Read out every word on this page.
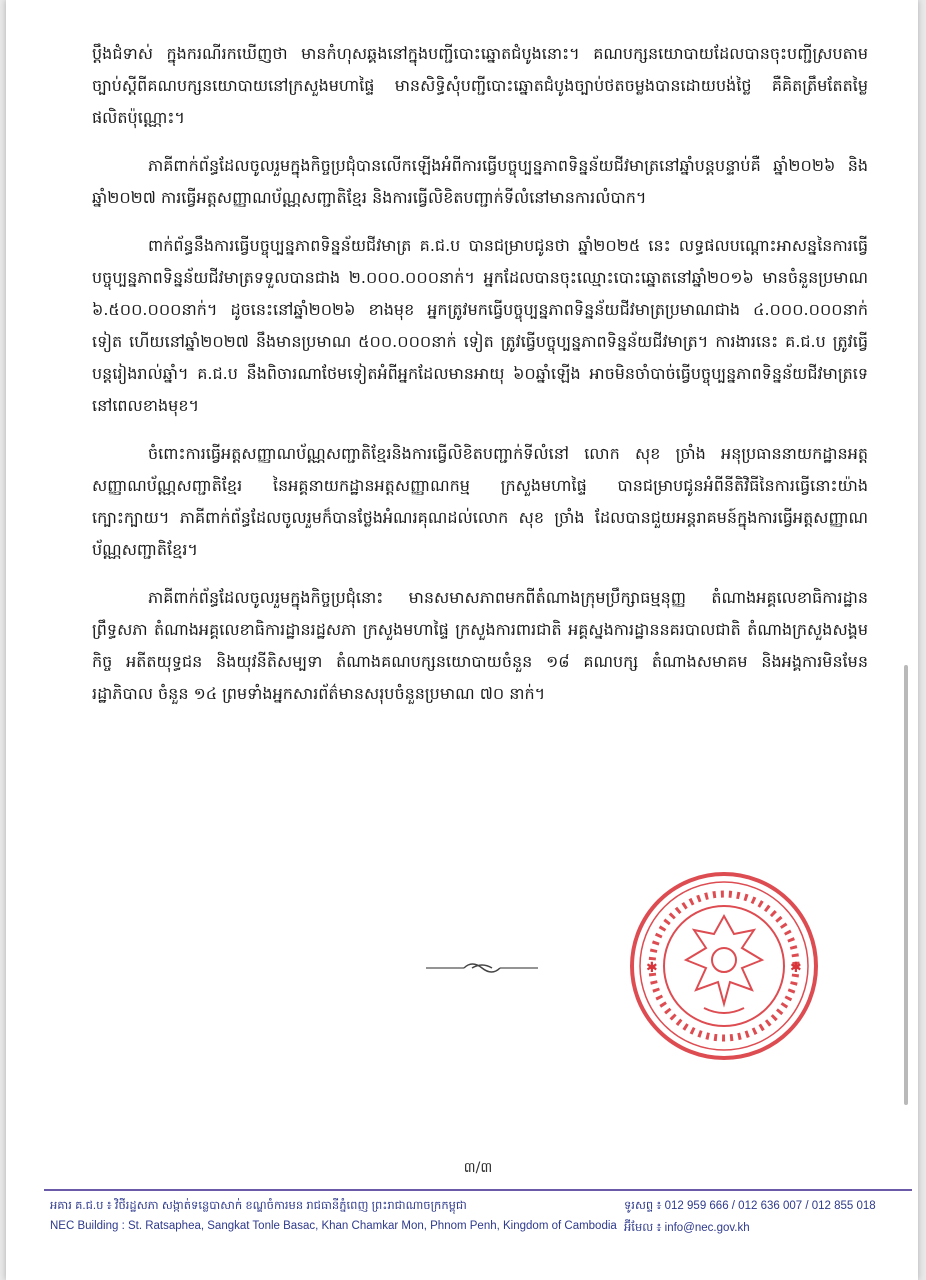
ប្តឹងជំទាស់ ក្នុងករណីរកឃើញថា មានកំហុសឆ្គងនៅក្នុងបញ្ជីបោះឆ្នោតជំបូងនោះ។ គណបក្សនយោបាយដែលបានចុះបញ្ជីស្របតាមច្បាប់ស្តីពីគណបក្សនយោបាយនៅក្រសួងមហាផ្ទៃ មានសិទ្ធិសុំបញ្ជីបោះឆ្នោតជំបូងច្បាប់ថតចម្លងបានដោយបង់ថ្លៃ គឺគិតត្រឹមតែតម្លៃផលិតប៉ុណ្ណោះ។

ភាគីពាក់ព័ន្ធដែលចូលរួមក្នុងកិច្ចប្រជុំបានលើកឡើងអំពីការធ្វើបច្ចុប្បន្នភាពទិន្នន័យជីវមាត្រនៅឆ្នាំបន្តបន្ទាប់គឺ ឆ្នាំ២០២៦ និងឆ្នាំ២០២៧ ការធ្វើអត្តសញ្ញាណប័ណ្ណសញ្ជាតិខ្មែរ និងការធ្វើលិខិតបញ្ជាក់ទីលំនៅមានការលំបាក។

ពាក់ព័ន្ធនឹងការធ្វើបច្ចុប្បន្នភាពទិន្នន័យជីវមាត្រ គ.ជ.ប បានជម្រាបជូនថា ឆ្នាំ២០២៥ នេះ លទ្ធផលបណ្ដោះអាសន្ននៃការធ្វើបច្ចុប្បន្នភាពទិន្នន័យជីវមាត្រទទួលបានជាង ២.០០០.០០០នាក់។ អ្នកដែលបានចុះឈ្មោះបោះឆ្នោតនៅឆ្នាំ២០១៦ មានចំនួនប្រមាណ ៦.៥០០.០០០នាក់។ ដូចនេះនៅឆ្នាំ២០២៦ ខាងមុខ អ្នកត្រូវមកធ្វើបច្ចុប្បន្នភាពទិន្នន័យជីវមាត្រប្រមាណជាង ៤.០០០.០០០នាក់ ទៀត ហើយនៅឆ្នាំ២០២៧ នឹងមានប្រមាណ ៥០០.០០០នាក់ ទៀត ត្រូវធ្វើបច្ចុប្បន្នភាពទិន្នន័យជីវមាត្រ។ ការងារនេះ គ.ជ.ប ត្រូវធ្វើបន្តរៀងរាល់ឆ្នាំ។ គ.ជ.ប នឹងពិចារណាថែមទៀតអំពីអ្នកដែលមានអាយុ ៦០ឆ្នាំឡើង អាចមិនចាំបាច់ធ្វើបច្ចុប្បន្នភាពទិន្នន័យជីវមាត្រទេនៅពេលខាងមុខ។

ចំពោះការធ្វើអត្តសញ្ញាណប័ណ្ណសញ្ជាតិខ្មែរនិងការធ្វើលិខិតបញ្ជាក់ទីលំនៅ លោក សុខ ច្រាំង អនុប្រធាននាយកដ្ឋានអត្តសញ្ញាណប័ណ្ណសញ្ជាតិខ្មែរ នៃអគ្គនាយកដ្ឋានអត្តសញ្ញាណកម្ម ក្រសួងមហាផ្ទៃ បានជម្រាបជូនអំពីនីតិវិធីនៃការធ្វើនោះយ៉ាងក្បោះក្បាយ។ ភាគីពាក់ព័ន្ធដែលចូលរួមក៏បានថ្លែងអំណរគុណដល់លោក សុខ ច្រាំង ដែលបានជួយអន្តរាគមន៍ក្នុងការធ្វើអត្តសញ្ញាណប័ណ្ណសញ្ជាតិខ្មែរ។

ភាគីពាក់ព័ន្ធដែលចូលរួមក្នុងកិច្ចប្រជុំនោះ មានសមាសភាពមកពីតំណាងក្រុមប្រឹក្សាធម្មនុញ្ញ តំណាងអគ្គលេខាធិការដ្ឋានព្រឹទ្ធសភា តំណាងអគ្គលេខាធិការដ្ឋានរដ្ឋសភា ក្រសួងមហាផ្ទៃ ក្រសួងការពារជាតិ អគ្គស្នងការដ្ឋាននគរបាលជាតិ តំណាងក្រសួងសង្គមកិច្ច អតីតយុទ្ធជន និងយុវនីតិសម្បទា តំណាងគណបក្សនយោបាយចំនួន ១៨ គណបក្ស តំណាងសមាគម និងអង្គការមិនមែនរដ្ឋាភិបាល ចំនួន ១៤ ព្រមទាំងអ្នកសារព័ត៌មានសរុបចំនួនប្រមាណ ៧០ នាក់។

✱	✱
៣/៣
អគារ គ.ជ.ប ៖ វិថីរដ្ឋសភា សង្កាត់ទន្លេបាសាក់ ខណ្ឌចំការមន រាជធានីភ្នំពេញ ព្រះរាជាណាចក្រកម្ពុជា	ទូរសព្ទ ៖ 012 959 666 / 012 636 007 / 012 855 018
NEC Building : St. Ratsaphea, Sangkat Tonle Basac, Khan Chamkar Mon, Phnom Penh, Kingdom of Cambodia អ៊ីមែល ៖ info@nec.gov.kh
